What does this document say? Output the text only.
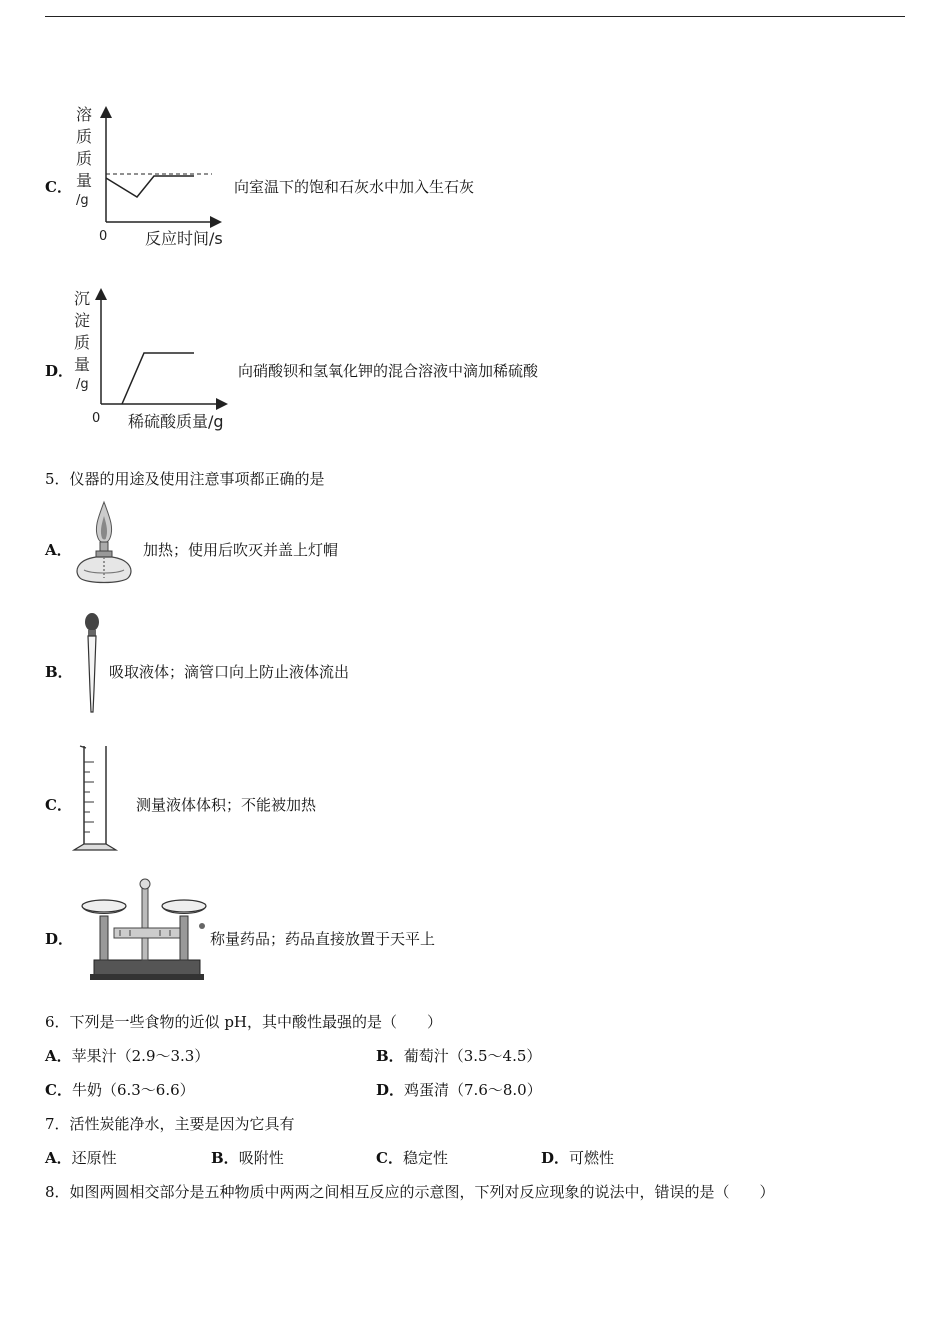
C．
溶
质
质
量
/g
0 反应时间/s
向室温下的饱和石灰水中加入生石灰
D．
沉
淀
质
量
/g
0 稀硫酸质量/g
向硝酸钡和氢氧化钾的混合溶液中滴加稀硫酸
5．仪器的用途及使用注意事项都正确的是
A．	加热；使用后吹灭并盖上灯帽
B． 吸取液体；滴管口向上防止液体流出
C．	测量液体体积；不能被加热
D．	称量药品；药品直接放置于天平上
6．下列是一些食物的近似 pH，其中酸性最强的是（　　）
A．苹果汁（2.9～3.3）	B．葡萄汁（3.5～4.5）
C．牛奶（6.3～6.6）	D．鸡蛋清（7.6～8.0）
7．活性炭能净水，主要是因为它具有
A．还原性	B．吸附性	C．稳定性	D．可燃性
8．如图两圆相交部分是五种物质中两两之间相互反应的示意图，下列对反应现象的说法中，错误的是（　　）
